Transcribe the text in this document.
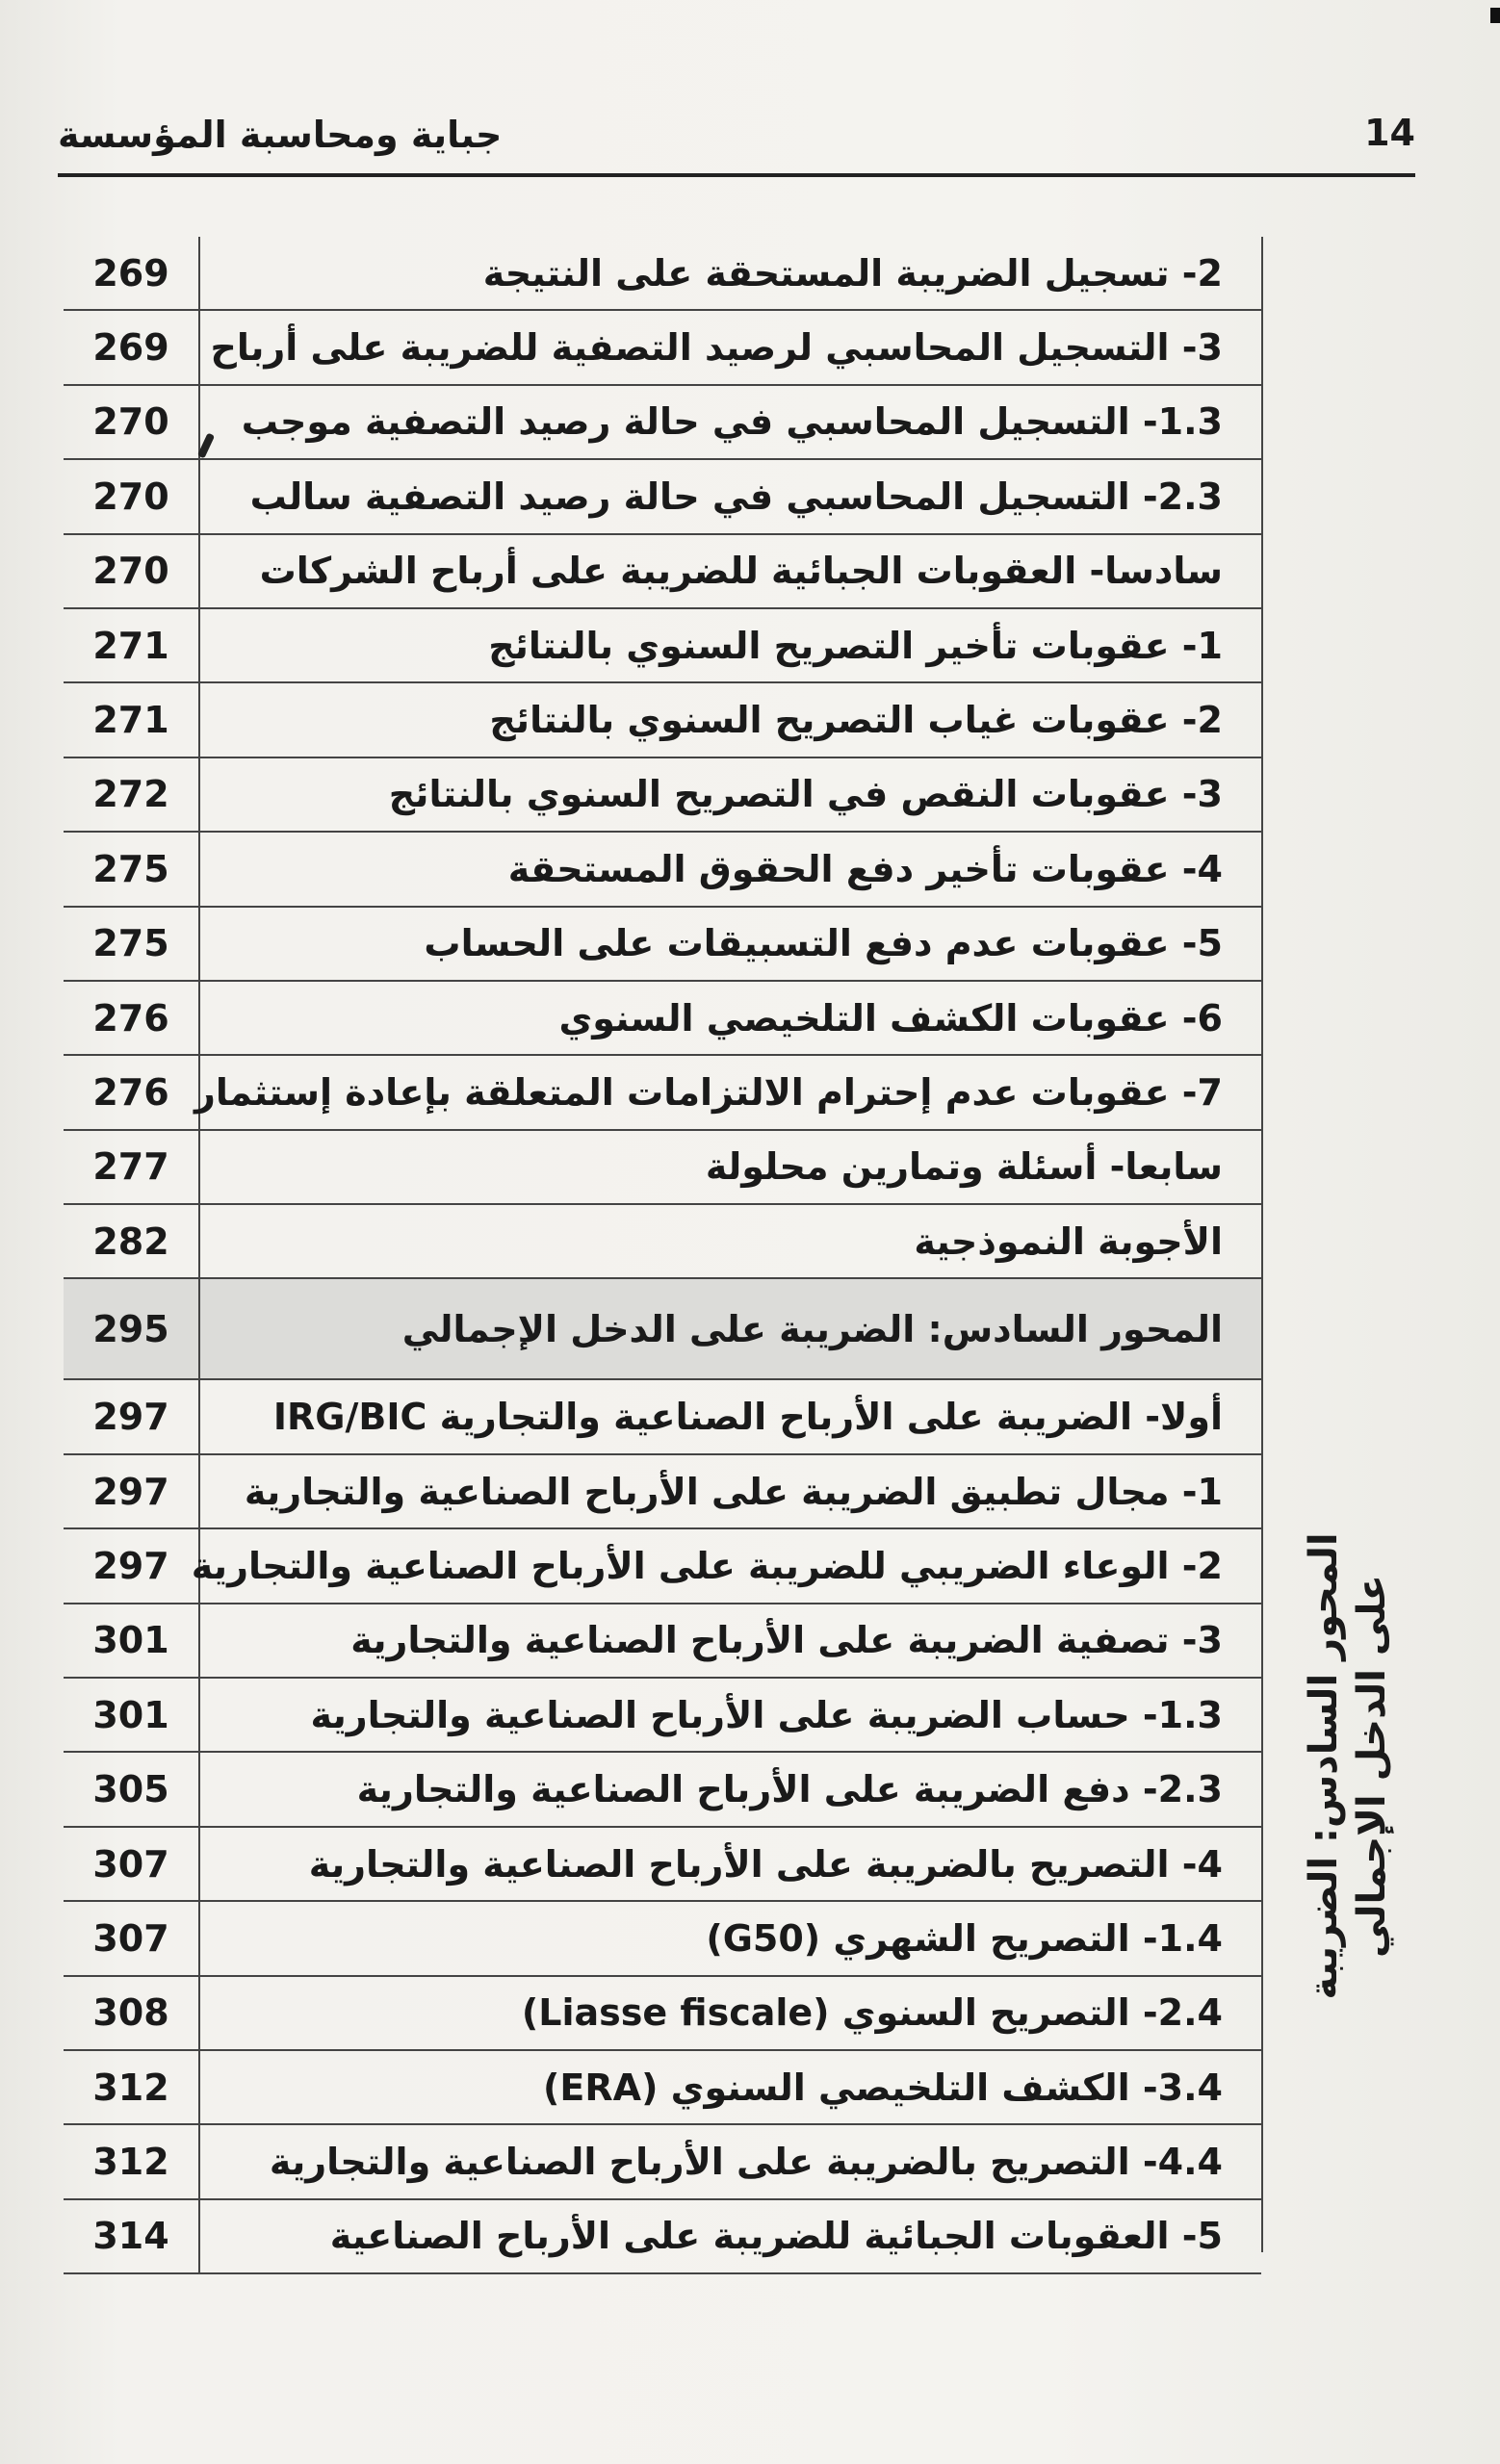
جباية ومحاسبة المؤسسة	14
269	2- تسجيل الضريبة المستحقة على النتيجة
269	3- التسجيل المحاسبي لرصيد التصفية للضريبة على أرباح
270	1.3- التسجيل المحاسبي في حالة رصيد التصفية موجب
270	2.3- التسجيل المحاسبي في حالة رصيد التصفية سالب
270	سادسا- العقوبات الجبائية للضريبة على أرباح الشركات
271	1- عقوبات تأخير التصريح السنوي بالنتائج
271	2- عقوبات غياب التصريح السنوي بالنتائج
272	3- عقوبات النقص في التصريح السنوي بالنتائج
275	4- عقوبات تأخير دفع الحقوق المستحقة
275	5- عقوبات عدم دفع التسبيقات على الحساب
276	6- عقوبات الكشف التلخيصي السنوي
276 7- عقوبات عدم إحترام الالتزامات المتعلقة بإعادة إستثمار
277	سابعا- أسئلة وتمارين محلولة
282	الأجوبة النموذجية
295	المحور السادس: الضريبة على الدخل الإجمالي
297	أولا- الضريبة على الأرباح الصناعية والتجارية IRG/BIC
297	1- مجال تطبيق الضريبة على الأرباح الصناعية والتجارية
297 2- الوعاء الضريبي للضريبة على الأرباح الصناعية والتجارية
301	3- تصفية الضريبة على الأرباح الصناعية والتجارية
301	1.3- حساب الضريبة على الأرباح الصناعية والتجارية
305	2.3- دفع الضريبة على الأرباح الصناعية والتجارية
307	4- التصريح بالضريبة على الأرباح الصناعية والتجارية
307	1.4- التصريح الشهري (G50)
308	2.4- التصريح السنوي (Liasse fiscale)
312	3.4- الكشف التلخيصي السنوي (ERA)
312	4.4- التصريح بالضريبة على الأرباح الصناعية والتجارية
314	5- العقوبات الجبائية للضريبة على الأرباح الصناعية
المحور السادس: الضريبة على الدخل الإجمالي
